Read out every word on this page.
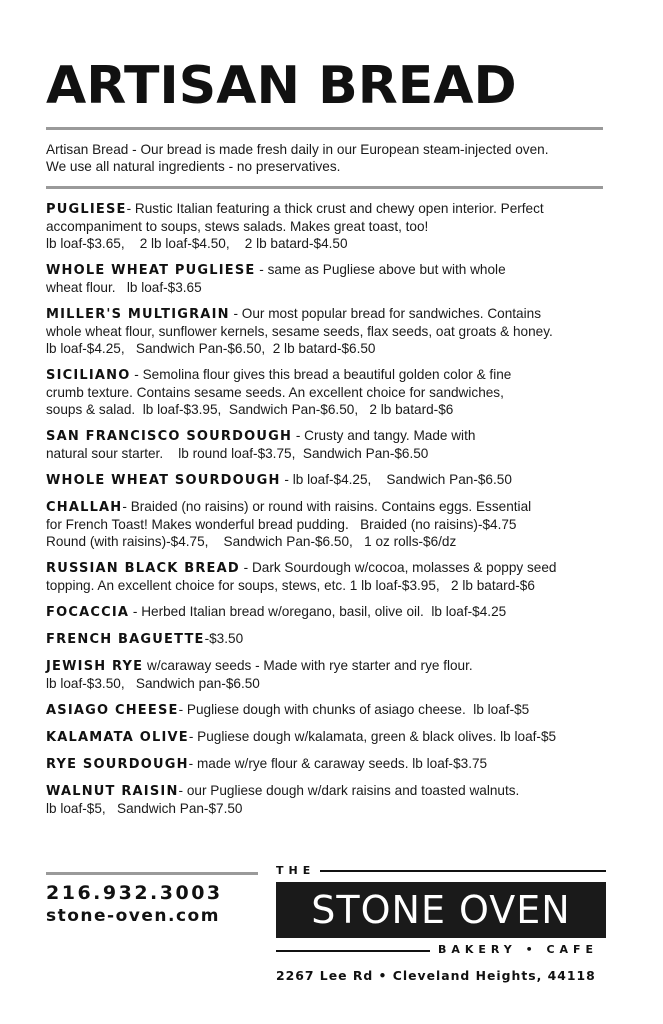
ARTISAN BREAD
Artisan Bread - Our bread is made fresh daily in our European steam-injected oven.
We use all natural ingredients - no preservatives.
PUGLIESE- Rustic Italian featuring a thick crust and chewy open interior. Perfect
accompaniment to soups, stews salads. Makes great toast, too!
lb loaf-$3.65,    2 lb loaf-$4.50,    2 lb batard-$4.50
WHOLE WHEAT PUGLIESE - same as Pugliese above but with whole
wheat flour.   lb loaf-$3.65
MILLER'S MULTIGRAIN - Our most popular bread for sandwiches. Contains
whole wheat flour, sunflower kernels, sesame seeds, flax seeds, oat groats & honey.
lb loaf-$4.25,   Sandwich Pan-$6.50,  2 lb batard-$6.50
SICILIANO - Semolina flour gives this bread a beautiful golden color & fine
crumb texture. Contains sesame seeds. An excellent choice for sandwiches,
soups & salad.  lb loaf-$3.95,  Sandwich Pan-$6.50,   2 lb batard-$6
SAN FRANCISCO SOURDOUGH - Crusty and tangy. Made with
natural sour starter.    lb round loaf-$3.75,  Sandwich Pan-$6.50
WHOLE WHEAT SOURDOUGH - lb loaf-$4.25,    Sandwich Pan-$6.50
CHALLAH- Braided (no raisins) or round with raisins. Contains eggs. Essential
for French Toast! Makes wonderful bread pudding.   Braided (no raisins)-$4.75
Round (with raisins)-$4.75,    Sandwich Pan-$6.50,   1 oz rolls-$6/dz
RUSSIAN BLACK BREAD - Dark Sourdough w/cocoa, molasses & poppy seed
topping. An excellent choice for soups, stews, etc. 1 lb loaf-$3.95,   2 lb batard-$6
FOCACCIA - Herbed Italian bread w/oregano, basil, olive oil.  lb loaf-$4.25
FRENCH BAGUETTE-$3.50
JEWISH RYE w/caraway seeds - Made with rye starter and rye flour.
lb loaf-$3.50,   Sandwich pan-$6.50
ASIAGO CHEESE- Pugliese dough with chunks of asiago cheese.  lb loaf-$5
KALAMATA OLIVE- Pugliese dough w/kalamata, green & black olives. lb loaf-$5
RYE SOURDOUGH- made w/rye flour & caraway seeds. lb loaf-$3.75
WALNUT RAISIN- our Pugliese dough w/dark raisins and toasted walnuts.
lb loaf-$5,   Sandwich Pan-$7.50
216.932.3003
stone-oven.com
THE
STONE OVEN
BAKERY • CAFE
2267 Lee Rd • Cleveland Heights, 44118
